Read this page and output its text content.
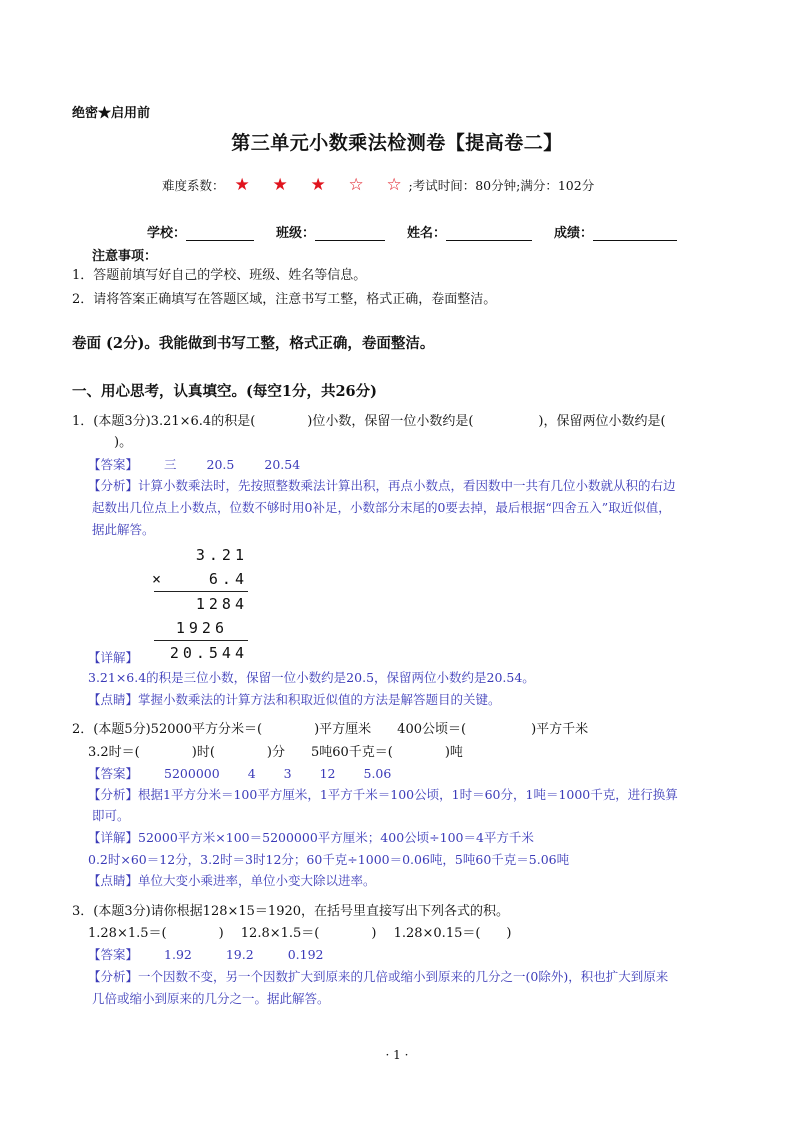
绝密★启用前
第三单元小数乘法检测卷【提高卷二】
难度系数： ★	★	★	☆	☆ ;考试时间：80分钟;满分：102分
学校：	班级：	姓名：	成绩：
注意事项：
1．答题前填写好自己的学校、班级、姓名等信息。
2．请将答案正确填写在答题区域，注意书写工整，格式正确，卷面整洁。
卷面 (2分)。我能做到书写工整，格式正确，卷面整洁。
一、用心思考，认真填空。(每空1分，共26分)
1．(本题3分)3.21×6.4的积是(　　　　)位小数，保留一位小数约是(　　　　　)，保留两位小数约是(
　　)。
【答案】 三 20.5 20.54
【分析】计算小数乘法时，先按照整数乘法计算出积，再点小数点，看因数中一共有几位小数就从积的右边
起数出几位点上小数点，位数不够时用0补足，小数部分末尾的0要去掉，最后根据“四舍五入”取近似值，
据此解答。
3.21
×	6.4
1284
1926
20.544
【详解】
3.21×6.4的积是三位小数，保留一位小数约是20.5，保留两位小数约是20.54。
【点睛】掌握小数乘法的计算方法和积取近似值的方法是解答题目的关键。
2．(本题5分)52000平方分米＝(　　　　)平方厘米　　400公顷＝(　　　　　)平方千米
3.2时＝(　　　　)时(　　　　)分　　5吨60千克＝(　　　　)吨
【答案】 5200000 4 3 12 5.06
【分析】根据1平方分米＝100平方厘米，1平方千米＝100公顷，1时＝60分，1吨＝1000千克，进行换算
即可。
【详解】52000平方米×100＝5200000平方厘米；400公顷÷100＝4平方千米
0.2时×60＝12分，3.2时＝3时12分；60千克÷1000＝0.06吨，5吨60千克＝5.06吨
【点睛】单位大变小乘进率，单位小变大除以进率。
3．(本题3分)请你根据128×15＝1920，在括号里直接写出下列各式的积。
1.28×1.5＝(　　　　)　 12.8×1.5＝(　　　　)　 1.28×0.15＝(　　)
【答案】 1.92	19.2	0.192
【分析】一个因数不变，另一个因数扩大到原来的几倍或缩小到原来的几分之一(0除外)，积也扩大到原来
几倍或缩小到原来的几分之一。据此解答。
· 1 ·
